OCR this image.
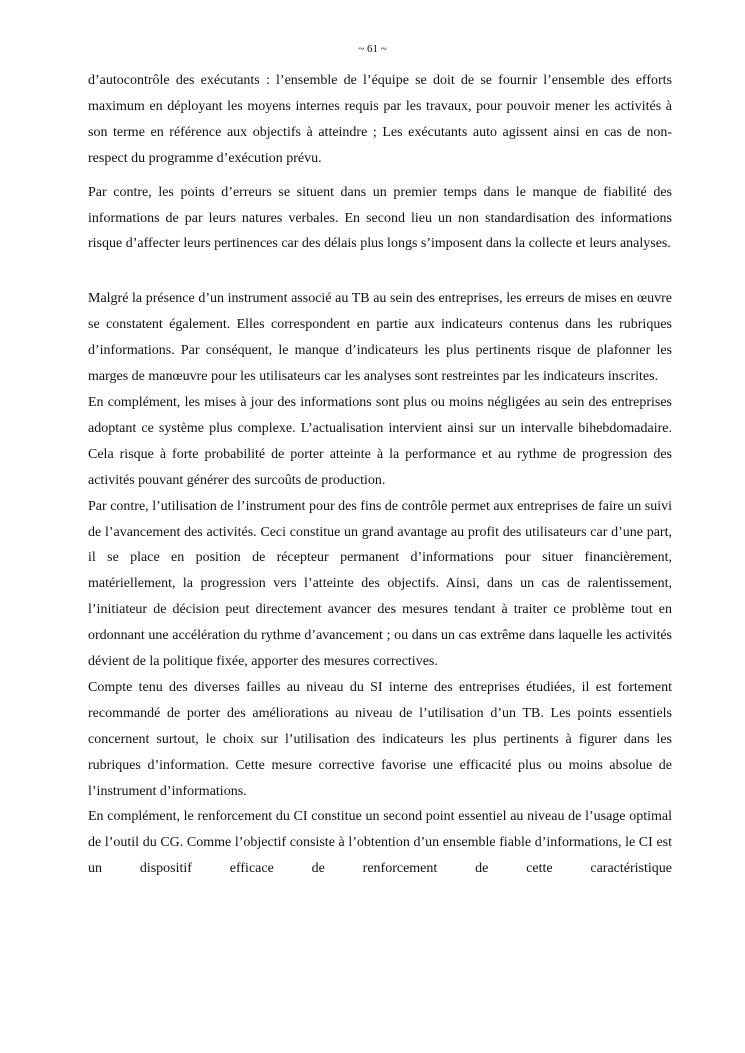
~ 61 ~

d’autocontrôle des exécutants : l’ensemble de l’équipe se doit de se fournir l’ensemble des efforts maximum en déployant les moyens internes requis par les travaux, pour pouvoir mener les activités à son terme en référence aux objectifs à atteindre ; Les exécutants auto agissent ainsi en cas de non-respect du programme d’exécution prévu.

Par contre, les points d’erreurs se situent dans un premier temps dans le manque de fiabilité des informations de par leurs natures verbales. En second lieu un non standardisation des informations risque d’affecter leurs pertinences car des délais plus longs s’imposent dans la collecte et leurs analyses.

Malgré la présence d’un instrument associé au TB au sein des entreprises, les erreurs de mises en œuvre se constatent également. Elles correspondent en partie aux indicateurs contenus dans les rubriques d’informations. Par conséquent, le manque d’indicateurs les plus pertinents risque de plafonner les marges de manœuvre pour les utilisateurs car les analyses sont restreintes par les indicateurs inscrites.

En complément, les mises à jour des informations sont plus ou moins négligées au sein des entreprises adoptant ce système plus complexe. L’actualisation intervient ainsi sur un intervalle bihebdomadaire. Cela risque à forte probabilité de porter atteinte à la performance et au rythme de progression des activités pouvant générer des surcoûts de production.

Par contre, l’utilisation de l’instrument pour des fins de contrôle permet aux entreprises de faire un suivi de l’avancement des activités. Ceci constitue un grand avantage au profit des utilisateurs car d’une part, il se place en position de récepteur permanent d’informations pour situer financièrement, matériellement, la progression vers l’atteinte des objectifs. Ainsi, dans un cas de ralentissement, l’initiateur de décision peut directement avancer des mesures tendant à traiter ce problème tout en ordonnant une accélération du rythme d’avancement ; ou dans un cas extrême dans laquelle les activités dévient de la politique fixée, apporter des mesures correctives.

Compte tenu des diverses failles au niveau du SI interne des entreprises étudiées, il est fortement recommandé de porter des améliorations au niveau de l’utilisation d’un TB. Les points essentiels concernent surtout, le choix sur l’utilisation des indicateurs les plus pertinents à figurer dans les rubriques d’information. Cette mesure corrective favorise une efficacité plus ou moins absolue de l’instrument d’informations.

En complément, le renforcement du CI constitue un second point essentiel au niveau de l’usage optimal de l’outil du CG. Comme l’objectif consiste à l’obtention d’un ensemble fiable d’informations, le CI est un dispositif efficace de renforcement de cette caractéristique
